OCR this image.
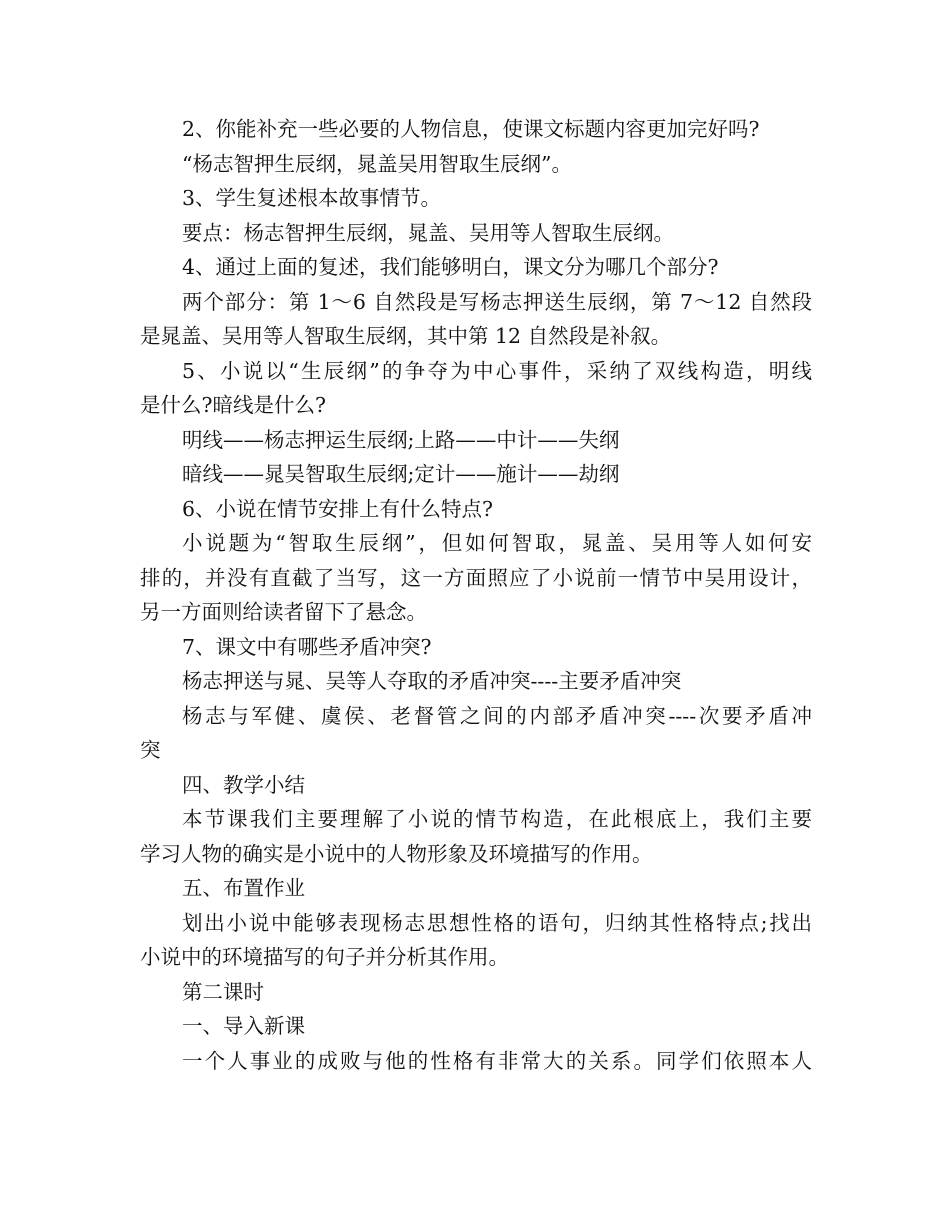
2、你能补充一些必要的人物信息，使课文标题内容更加完好吗?
“杨志智押生辰纲，晁盖吴用智取生辰纲”。
3、学生复述根本故事情节。
要点：杨志智押生辰纲，晁盖、吴用等人智取生辰纲。
4、通过上面的复述，我们能够明白，课文分为哪几个部分?
两个部分：第 1～6 自然段是写杨志押送生辰纲，第 7～12 自然段
是晁盖、吴用等人智取生辰纲，其中第 12 自然段是补叙。
5、小说以“生辰纲”的争夺为中心事件，采纳了双线构造，明线
是什么?暗线是什么?
明线——杨志押运生辰纲;上路——中计——失纲
暗线——晁吴智取生辰纲;定计——施计——劫纲
6、小说在情节安排上有什么特点?
小说题为“智取生辰纲”，但如何智取，晁盖、吴用等人如何安
排的，并没有直截了当写，这一方面照应了小说前一情节中吴用设计，
另一方面则给读者留下了悬念。
7、课文中有哪些矛盾冲突?
杨志押送与晁、吴等人夺取的矛盾冲突----主要矛盾冲突
杨志与军健、虞侯、老督管之间的内部矛盾冲突----次要矛盾冲
突
四、教学小结
本节课我们主要理解了小说的情节构造，在此根底上，我们主要
学习人物的确实是小说中的人物形象及环境描写的作用。
五、布置作业
划出小说中能够表现杨志思想性格的语句，归纳其性格特点;找出
小说中的环境描写的句子并分析其作用。
第二课时
一、导入新课
一个人事业的成败与他的性格有非常大的关系。同学们依照本人
